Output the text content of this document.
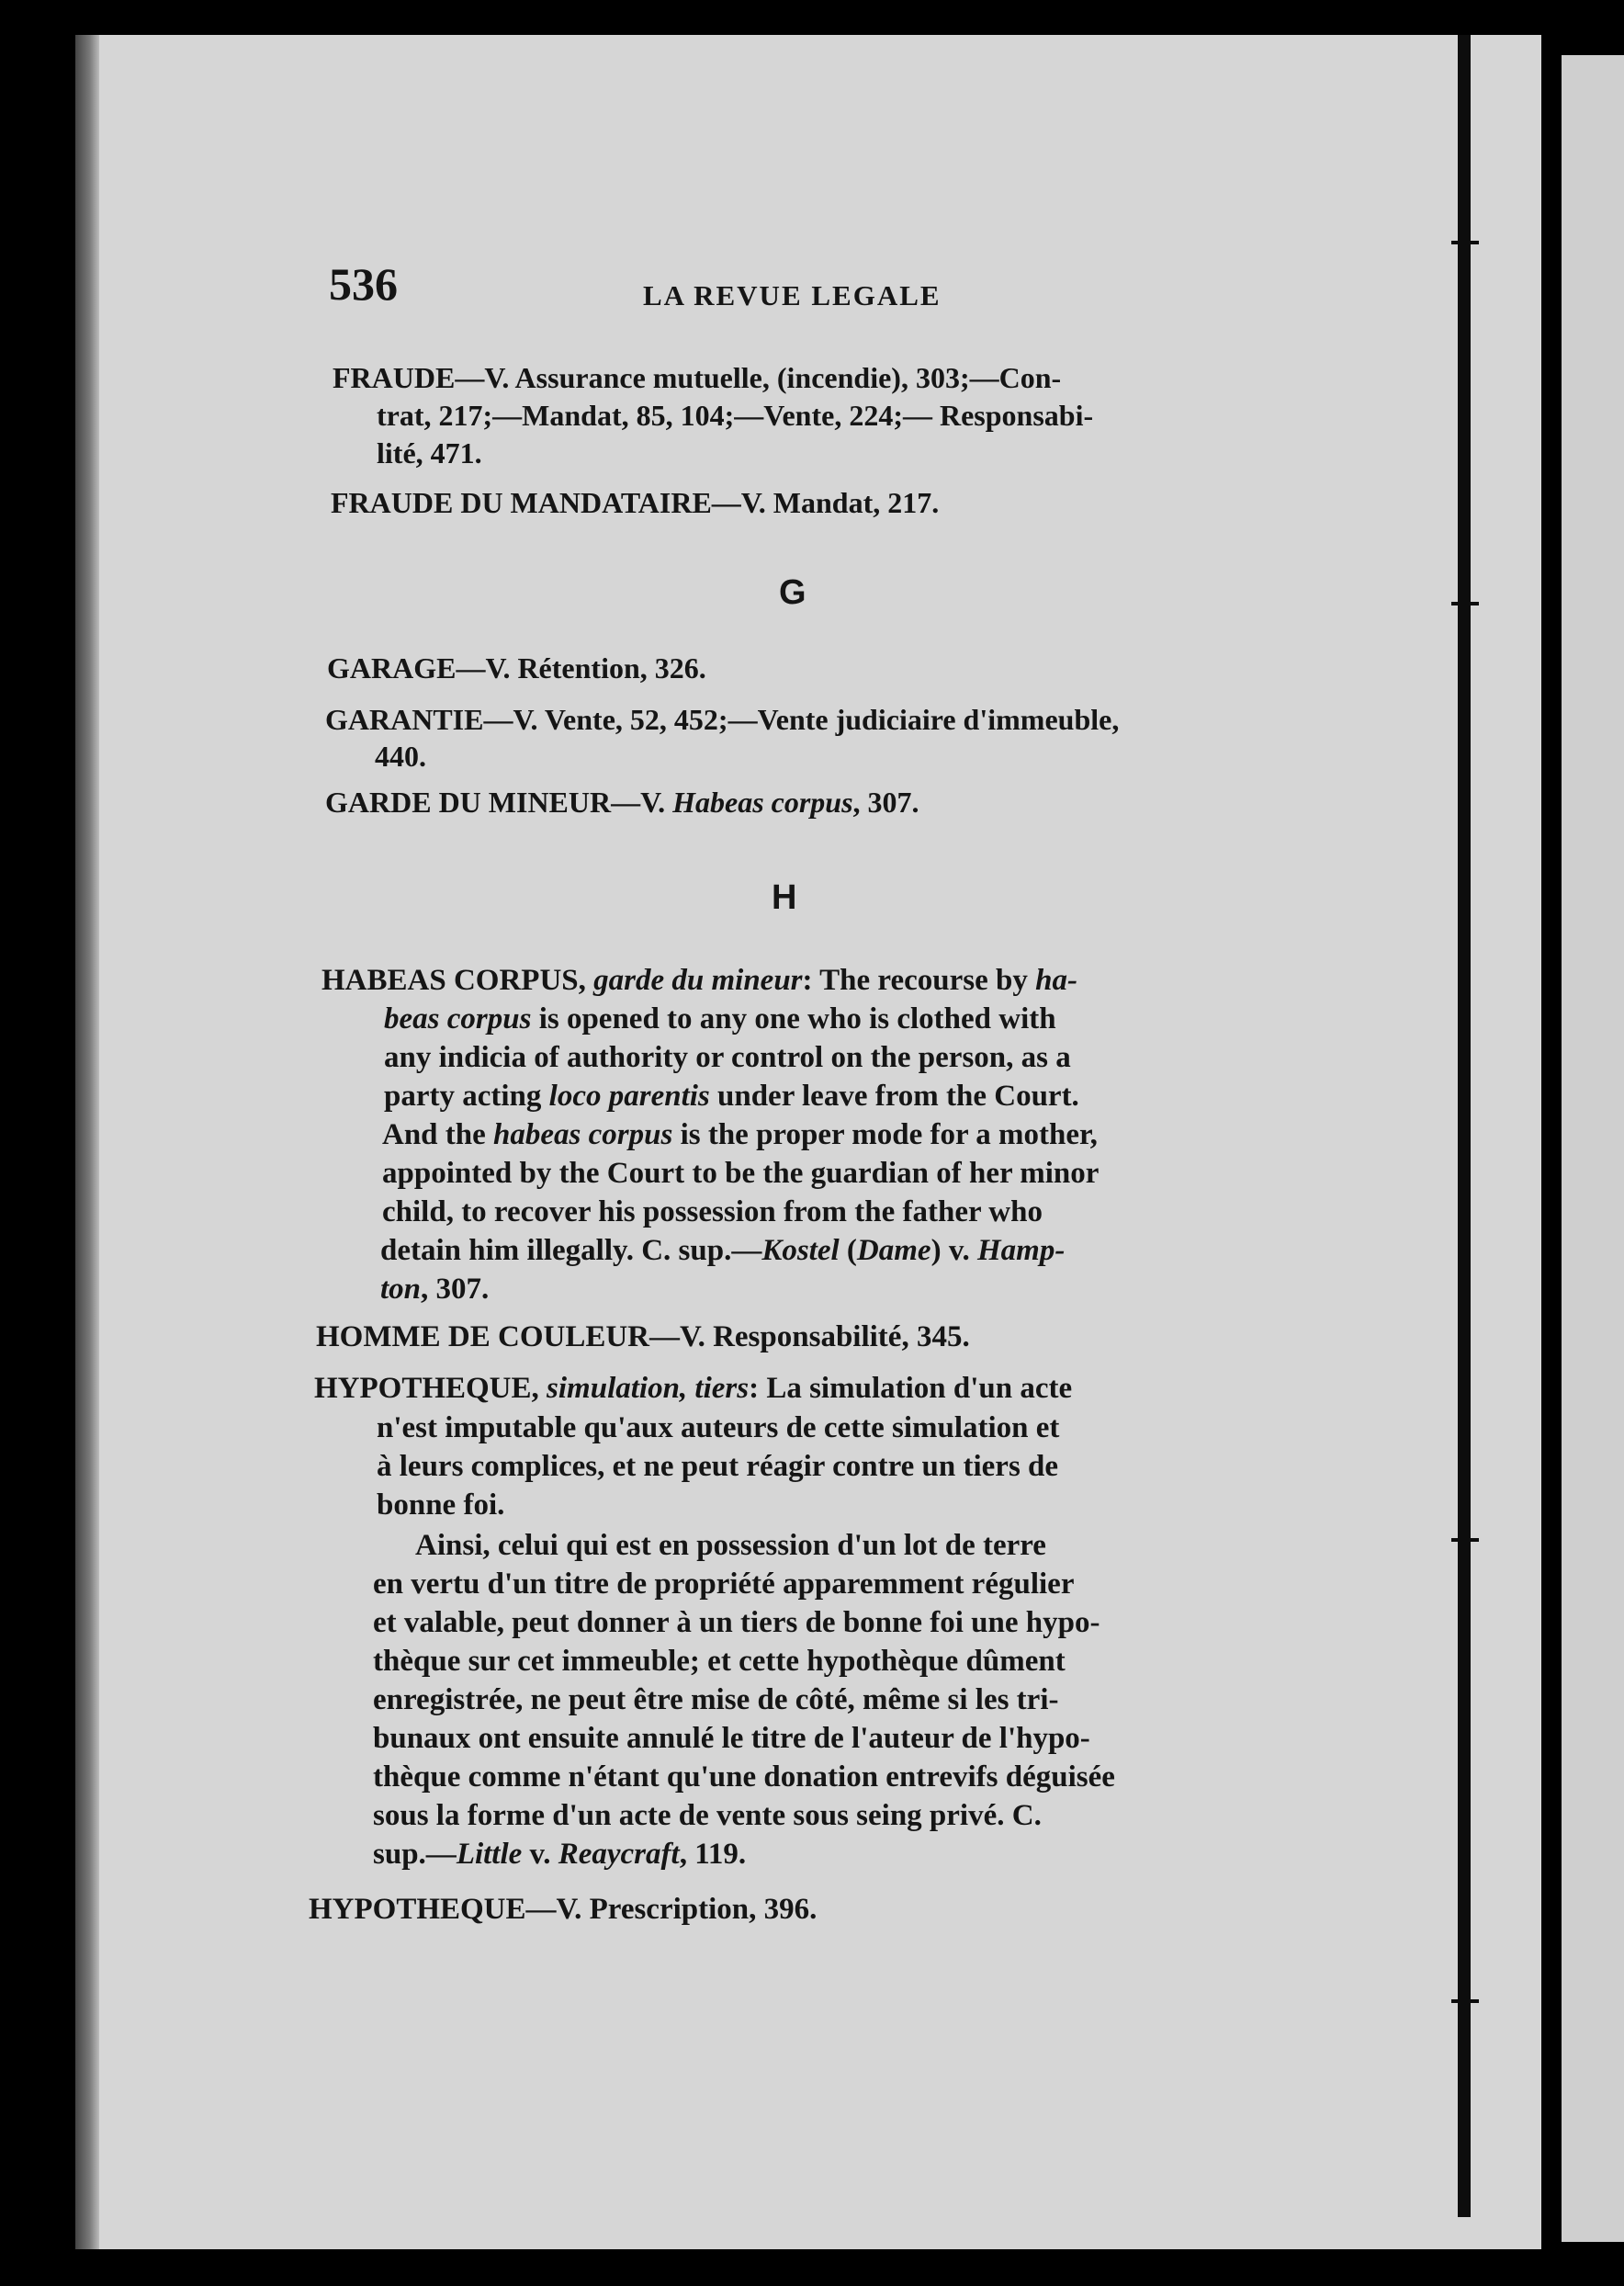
536	LA REVUE LEGALE
FRAUDE—V. Assurance mutuelle, (incendie), 303;—Con-
trat, 217;—Mandat, 85, 104;—Vente, 224;— Responsabi-
lité, 471.
FRAUDE DU MANDATAIRE—V. Mandat, 217.
G
GARAGE—V. Rétention, 326.
GARANTIE—V. Vente, 52, 452;—Vente judiciaire d'immeuble,
440.
GARDE DU MINEUR—V. Habeas corpus, 307.
H
HABEAS CORPUS, garde du mineur: The recourse by ha-
beas corpus is opened to any one who is clothed with
any indicia of authority or control on the person, as a
party acting loco parentis under leave from the Court.
And the habeas corpus is the proper mode for a mother,
appointed by the Court to be the guardian of her minor
child, to recover his possession from the father who
detain him illegally. C. sup.—Kostel (Dame) v. Hamp-
ton, 307.
HOMME DE COULEUR—V. Responsabilité, 345.
HYPOTHEQUE, simulation, tiers: La simulation d'un acte
n'est imputable qu'aux auteurs de cette simulation et
à leurs complices, et ne peut réagir contre un tiers de
bonne foi.
Ainsi, celui qui est en possession d'un lot de terre
en vertu d'un titre de propriété apparemment régulier
et valable, peut donner à un tiers de bonne foi une hypo-
thèque sur cet immeuble; et cette hypothèque dûment
enregistrée, ne peut être mise de côté, même si les tri-
bunaux ont ensuite annulé le titre de l'auteur de l'hypo-
thèque comme n'étant qu'une donation entrevifs déguisée
sous la forme d'un acte de vente sous seing privé. C.
sup.—Little v. Reaycraft, 119.
HYPOTHEQUE—V. Prescription, 396.
